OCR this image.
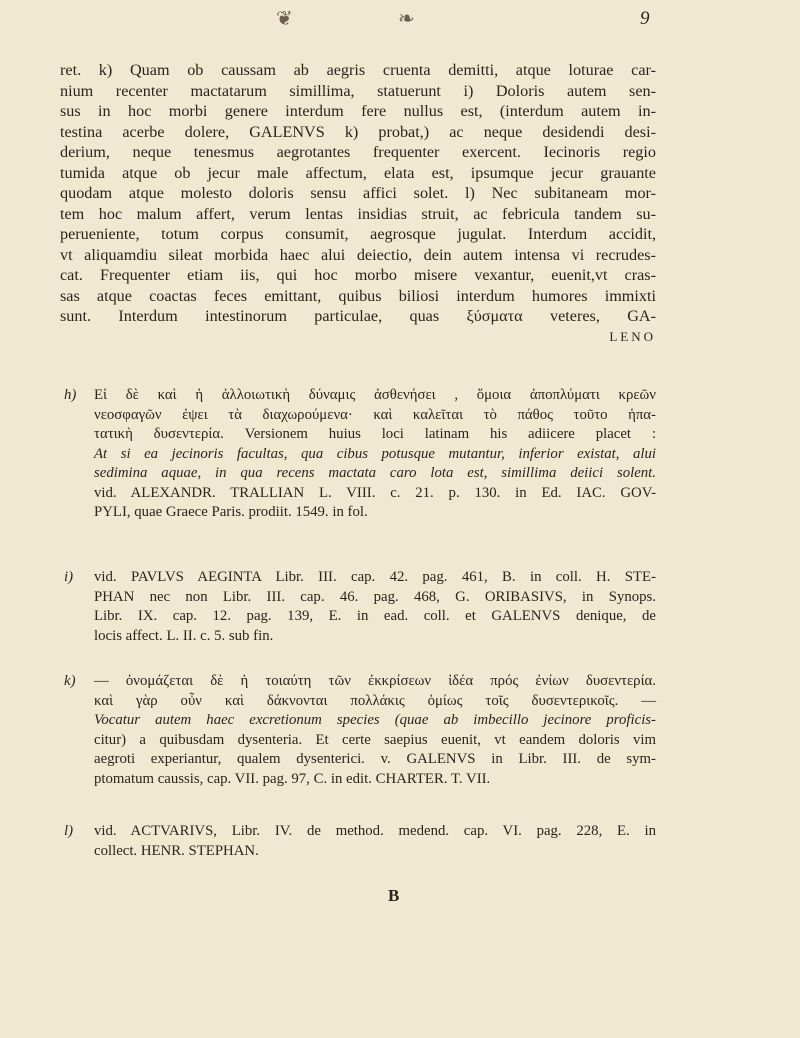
❦	❧	9
ret. k) Quam ob caussam ab aegris cruenta demitti, atque loturae car-
nium recenter mactatarum simillima, statuerunt i) Doloris autem sen-
sus in hoc morbi genere interdum fere nullus est, (interdum autem in-
testina acerbe dolere, GALENVS k) probat,) ac neque desidendi desi-
derium, neque tenesmus aegrotantes frequenter exercent. Iecinoris regio
tumida atque ob jecur male affectum, elata est, ipsumque jecur grauante
quodam atque molesto doloris sensu affici solet. l) Nec subitaneam mor-
tem hoc malum affert, verum lentas insidias struit, ac febricula tandem su-
perueniente, totum corpus consumit, aegrosque jugulat. Interdum accidit,
vt aliquamdiu sileat morbida haec alui deiectio, dein autem intensa vi recrudes-
cat. Frequenter etiam iis, qui hoc morbo misere vexantur, euenit,vt cras-
sas atque coactas feces emittant, quibus biliosi interdum humores immixti
sunt. Interdum intestinorum particulae, quas ξύσματα veteres, GA-
LENO
h)	Εἰ δὲ καὶ ἡ ἀλλοιωτικὴ δύναμις ἀσθενήσει , ὅμοια ἀποπλύματι κρεῶν
νεοσφαγῶν ἐψει τὰ διαχωρούμενα· καὶ καλεῖται τὸ πάθος τοῦτο ἡπα-
τατικὴ δυσεντερία. Versionem huius loci latinam his adiicere placet :
At si ea jecinoris facultas, qua cibus potusque mutantur, inferior existat, alui
sedimina aquae, in qua recens mactata caro lota est, simillima deiici solent.
vid. ALEXANDR. TRALLIAN L. VIII. c. 21. p. 130. in Ed. IAC. GOV-
PYLI, quae Graece Paris. prodiit. 1549. in fol.
i)	vid. PAVLVS AEGINTA Libr. III. cap. 42. pag. 461, B. in coll. H. STE-
PHAN nec non Libr. III. cap. 46. pag. 468, G. ORIBASIVS, in Synops.
Libr. IX. cap. 12. pag. 139, E. in ead. coll. et GALENVS denique, de
locis affect. L. II. c. 5. sub fin.
k)	— ὀνομάζεται δὲ ἡ τοιαύτη τῶν ἐκκρίσεων ἰδέα πρός ἐνίων δυσεντερία.
καὶ γὰρ οὖν καὶ δάκνονται πολλάκις ὁμίως τοῖς δυσεντερικοῖς. —
Vocatur autem haec excretionum species (quae ab imbecillo jecinore proficis-
citur) a quibusdam dysenteria. Et certe saepius euenit, vt eandem doloris vim
aegroti experiantur, qualem dysenterici. v. GALENVS in Libr. III. de sym-
ptomatum caussis, cap. VII. pag. 97, C. in edit. CHARTER. T. VII.
l)	vid. ACTVARIVS, Libr. IV. de method. medend. cap. VI. pag. 228, E. in
collect. HENR. STEPHAN.
B
